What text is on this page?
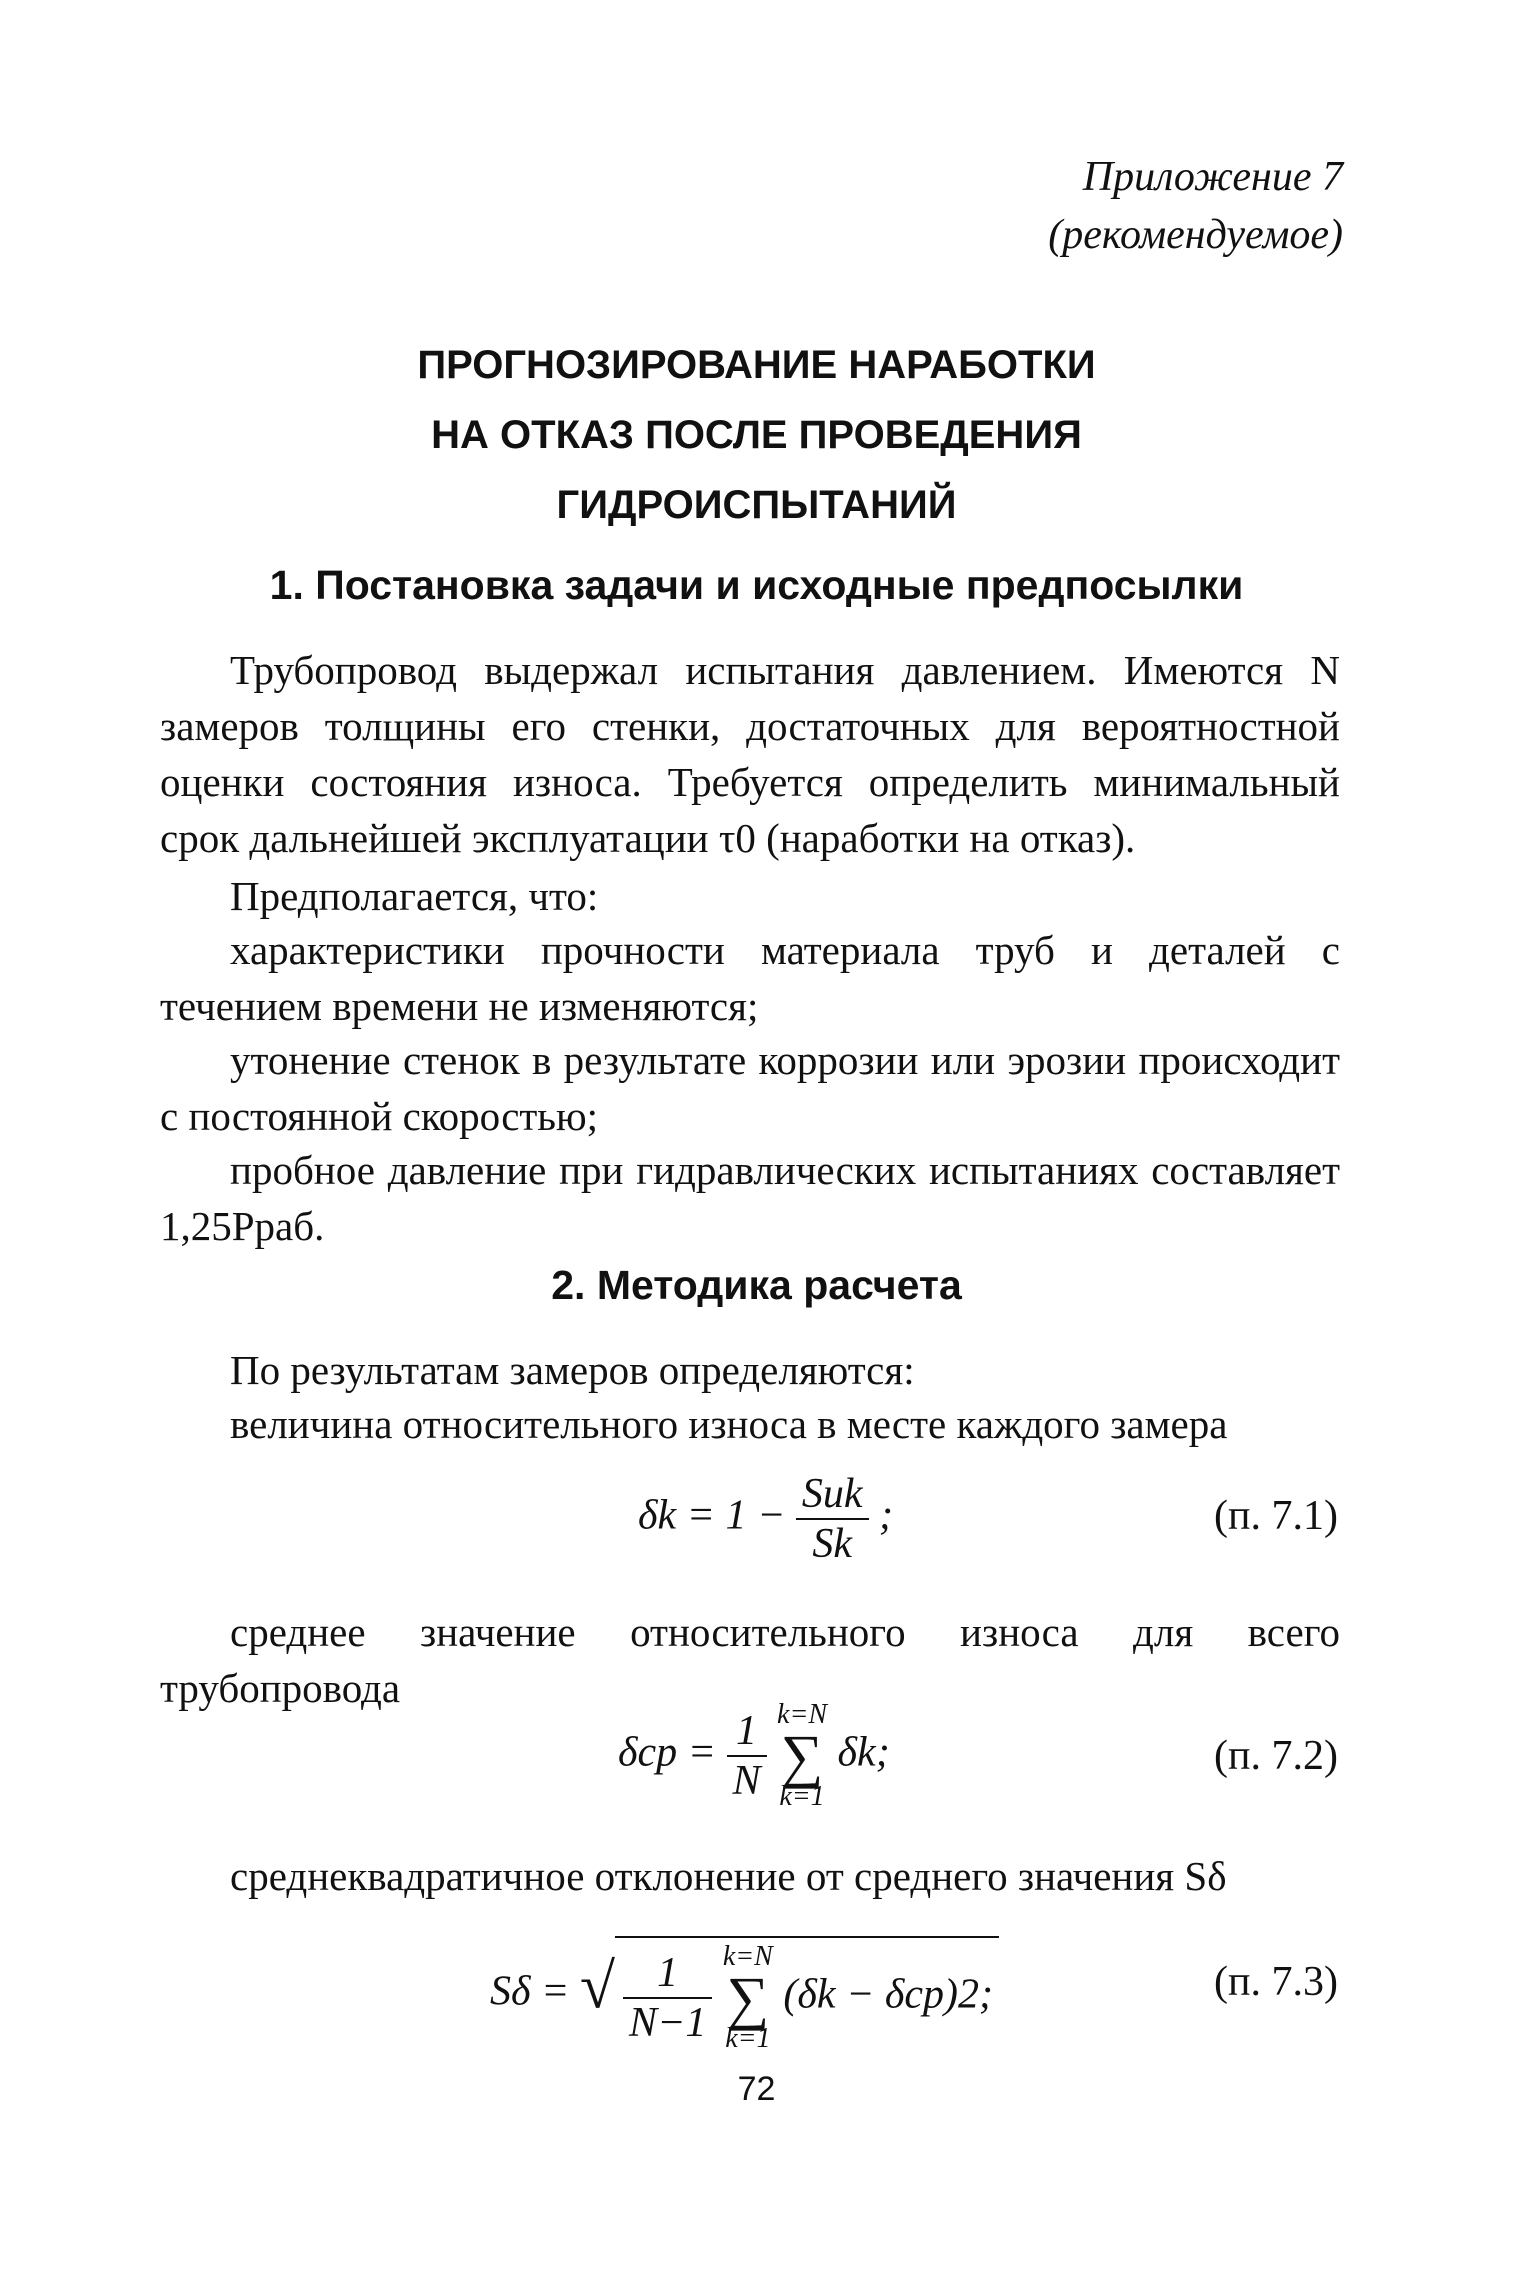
Приложение 7
(рекомендуемое)
ПРОГНОЗИРОВАНИЕ НАРАБОТКИ
НА ОТКАЗ ПОСЛЕ ПРОВЕДЕНИЯ
ГИДРОИСПЫТАНИЙ
1. Постановка задачи и исходные предпосылки
Трубопровод выдержал испытания давлением. Имеются N замеров толщины его стенки, достаточных для вероятностной оценки состояния износа. Требуется определить минимальный срок дальнейшей эксплуатации τ0 (наработки на отказ).
Предполагается, что:
характеристики прочности материала труб и деталей с течением времени не изменяются;
утонение стенок в результате коррозии или эрозии происходит с постоянной скоростью;
пробное давление при гидравлических испытаниях составляет 1,25Pраб.
2. Методика расчета
По результатам замеров определяются:
величина относительного износа в месте каждого замера
$\delta k = 1 - \frac{\text{Sиk}}{Sk}$ ;	(п. 7.1)
среднее значение относительного износа для всего трубопровода
$\delta ср = \frac{1}{N}$
k=N
∑
k=1
δk;	(п. 7.2)
среднеквадратичное отклонение от среднего значения Sδ
Sδ = √ $\frac{1}{N-1}$
k=N
∑
k=1
(δk − δср)2;	(п. 7.3)
72
